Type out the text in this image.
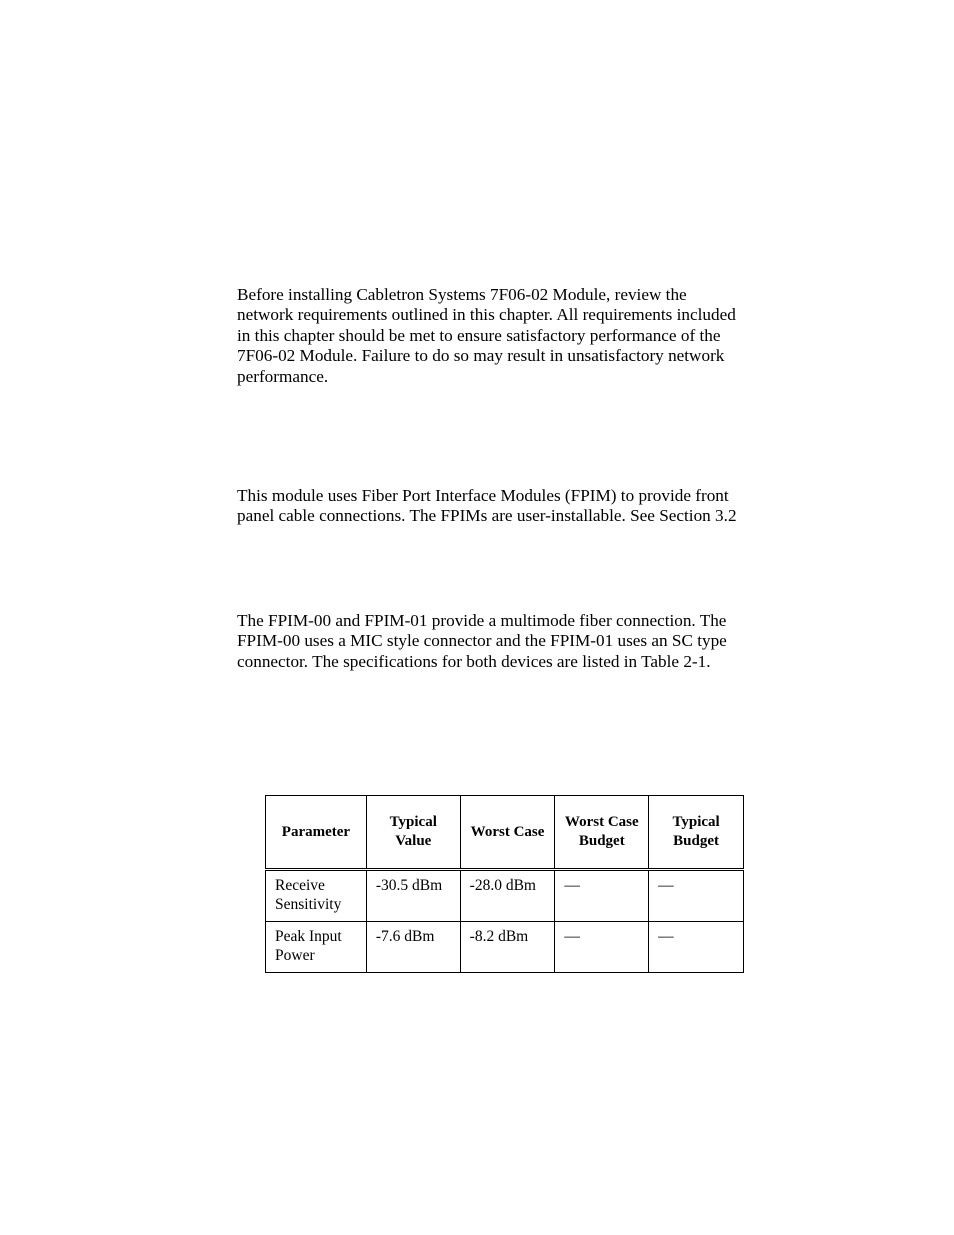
Before installing Cabletron Systems 7F06-02 Module, review the network requirements outlined in this chapter. All requirements included in this chapter should be met to ensure satisfactory performance of the 7F06-02 Module. Failure to do so may result in unsatisfactory network performance.

This module uses Fiber Port Interface Modules (FPIM) to provide front panel cable connections. The FPIMs are user-installable. See Section 3.2

The FPIM-00 and FPIM-01 provide a multimode fiber connection. The FPIM-00 uses a MIC style connector and the FPIM-01 uses an SC type connector. The specifications for both devices are listed in Table 2-1.

Parameter	Typical Value	Worst Case	Worst Case Budget	Typical Budget
Receive Sensitivity	-30.5 dBm	-28.0 dBm	—	—
Peak Input Power	-7.6 dBm	-8.2 dBm	—	—
